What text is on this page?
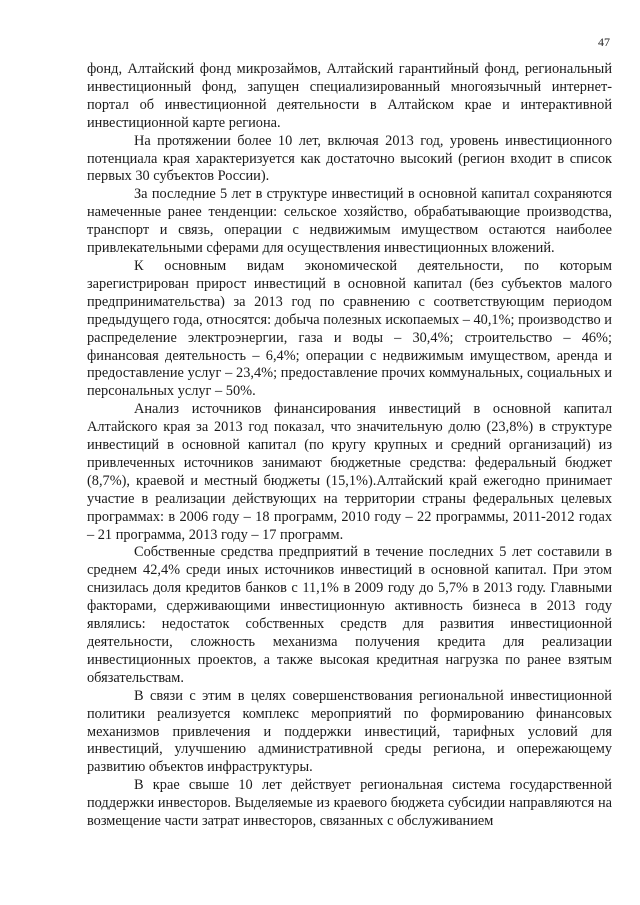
47

фонд, Алтайский фонд микрозаймов, Алтайский гарантийный фонд, региональный инвестиционный фонд, запущен специализированный многоязычный интернет-портал об инвестиционной деятельности в Алтайском крае и интерактивной инвестиционной карте региона.

На протяжении более 10 лет, включая 2013 год, уровень инвестиционного потенциала края характеризуется как достаточно высокий (регион входит в список первых 30 субъектов России).

За последние 5 лет в структуре инвестиций в основной капитал сохраняются намеченные ранее тенденции: сельское хозяйство, обрабатывающие производства, транспорт и связь, операции с недвижимым имуществом остаются наиболее привлекательными сферами для осуществления инвестиционных вложений.

К основным видам экономической деятельности, по которым зарегистрирован прирост инвестиций в основной капитал (без субъектов малого предпринимательства) за 2013 год по сравнению с соответствующим периодом предыдущего года, относятся: добыча полезных ископаемых – 40,1%; производство и распределение электроэнергии, газа и воды – 30,4%; строительство – 46%; финансовая деятельность – 6,4%; операции с недвижимым имуществом, аренда и предоставление услуг – 23,4%; предоставление прочих коммунальных, социальных и персональных услуг – 50%.

Анализ источников финансирования инвестиций в основной капитал Алтайского края за 2013 год показал, что значительную долю (23,8%) в структуре инвестиций в основной капитал (по кругу крупных и средний организаций) из привлеченных источников занимают бюджетные средства: федеральный бюджет (8,7%), краевой и местный бюджеты (15,1%).Алтайский край ежегодно принимает участие в реализации действующих на территории страны федеральных целевых программах: в 2006 году – 18 программ, 2010 году – 22 программы, 2011-2012 годах – 21 программа, 2013 году – 17 программ.

Собственные средства предприятий в течение последних 5 лет составили в среднем 42,4% среди иных источников инвестиций в основной капитал. При этом снизилась доля кредитов банков с 11,1% в 2009 году до 5,7% в 2013 году. Главными факторами, сдерживающими инвестиционную активность бизнеса в 2013 году являлись: недостаток собственных средств для развития инвестиционной деятельности, сложность механизма получения кредита для реализации инвестиционных проектов, а также высокая кредитная нагрузка по ранее взятым обязательствам.

В связи с этим в целях совершенствования региональной инвестиционной политики реализуется комплекс мероприятий по формированию финансовых механизмов привлечения и поддержки инвестиций, тарифных условий для инвестиций, улучшению административной среды региона, и опережающему развитию объектов инфраструктуры.

В крае свыше 10 лет действует региональная система государственной поддержки инвесторов. Выделяемые из краевого бюджета субсидии направляются на возмещение части затрат инвесторов, связанных с обслуживанием
